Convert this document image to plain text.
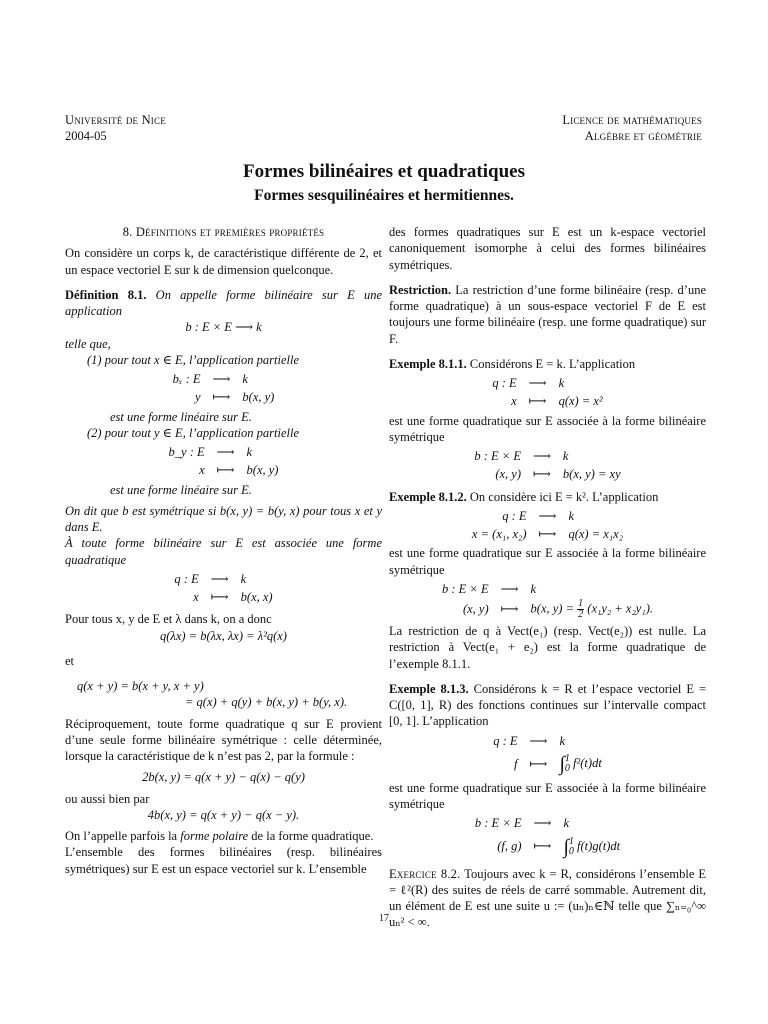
Université de Nice
2004-05
Licence de mathématiques
Algèbre et géométrie
Formes bilinéaires et quadratiques
Formes sesquilinéaires et hermitiennes.

8. Définitions et premières propriétés

On considère un corps k, de caractéristique différente de 2, et un espace vectoriel E sur k de dimension quelconque.

Définition 8.1. On appelle forme bilinéaire sur E une application

b : E × E ⟶ k

telle que,

(1) pour tout x ∈ E, l’application partielle

bₓ : E	⟶	k
y	⟼	b(x, y)

est une forme linéaire sur E.

(2) pour tout y ∈ E, l’application partielle

b_y : E	⟶	k
x	⟼	b(x, y)

est une forme linéaire sur E.

On dit que b est symétrique si b(x, y) = b(y, x) pour tous x et y dans E.

À toute forme bilinéaire sur E est associée une forme quadratique

q : E	⟶	k
x	⟼	b(x, x)

Pour tous x, y de E et λ dans k, on a donc

q(λx) = b(λx, λx) = λ²q(x)

et

q(x + y) = b(x + y, x + y)

= q(x) + q(y) + b(x, y) + b(y, x).

Réciproquement, toute forme quadratique q sur E provient d’une seule forme bilinéaire symétrique : celle déterminée, lorsque la caractéristique de k n’est pas 2, par la formule :

2b(x, y) = q(x + y) − q(x) − q(y)

ou aussi bien par

4b(x, y) = q(x + y) − q(x − y).

On l’appelle parfois la forme polaire de la forme quadratique.

L’ensemble des formes bilinéaires (resp. bilinéaires symétriques) sur E est un espace vectoriel sur k. L’ensemble

des formes quadratiques sur E est un k-espace vectoriel canoniquement isomorphe à celui des formes bilinéaires symétriques.

Restriction. La restriction d’une forme bilinéaire (resp. d’une forme quadratique) à un sous-espace vectoriel F de E est toujours une forme bilinéaire (resp. une forme quadratique) sur F.

Exemple 8.1.1. Considérons E = k. L’application

q : E	⟶	k
x	⟼	q(x) = x²

est une forme quadratique sur E associée à la forme bilinéaire symétrique

b : E × E	⟶	k
(x, y)	⟼	b(x, y) = xy

Exemple 8.1.2. On considère ici E = k². L’application

q : E	⟶	k
x = (x₁, x₂)	⟼	q(x) = x₁x₂

est une forme quadratique sur E associée à la forme bilinéaire symétrique

b : E × E	⟶	k
(x, y)	⟼	b(x, $y) = \frac{1}{2} (x_1y_2 + x_2y_1)$.

La restriction de q à Vect(e₁) (resp. Vect(e₂)) est nulle. La restriction à Vect(e₁ + e₂) est la forme quadratique de l’exemple 8.1.1.

Exemple 8.1.3. Considérons k = R et l’espace vectoriel E = C([0, 1], R) des fonctions continues sur l’intervalle compact [0, 1]. L’application

q : E	⟶	k
f	⟼	∫ 1
0 f²(t)dt

est une forme quadratique sur E associée à la forme bilinéaire symétrique

b : E × E	⟶	k
(f, g)	⟼	∫ 1
0 f(t)g(t)dt

Exercice 8.2. Toujours avec k = R, considérons l’ensemble E = ℓ²(R) des suites de réels de carré sommable. Autrement dit, un élément de E est une suite u := (uₙ)ₙ∈ℕ telle que ∑ₙ₌₀^∞ uₙ² < ∞.

17
